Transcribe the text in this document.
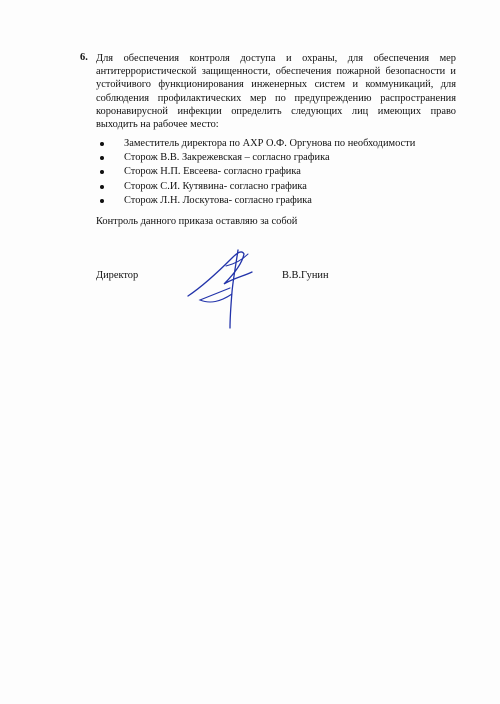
6. Для обеспечения контроля доступа и охраны, для обеспечения мер антитеррористической защищенности, обеспечения пожарной безопасности и устойчивого функционирования инженерных систем и коммуникаций, для соблюдения профилактических мер по предупреждению распространения коронавирусной инфекции определить следующих лиц имеющих право выходить на рабочее место:
Заместитель директора по АХР О.Ф. Оргунова по необходимости
Сторож В.В. Закрежевская – согласно графика
Сторож Н.П. Евсеева- согласно графика
Сторож С.И. Кутявина- согласно графика
Сторож Л.Н. Лоскутова- согласно графика
Контроль данного приказа оставляю за собой
Директор	В.В.Гунин
